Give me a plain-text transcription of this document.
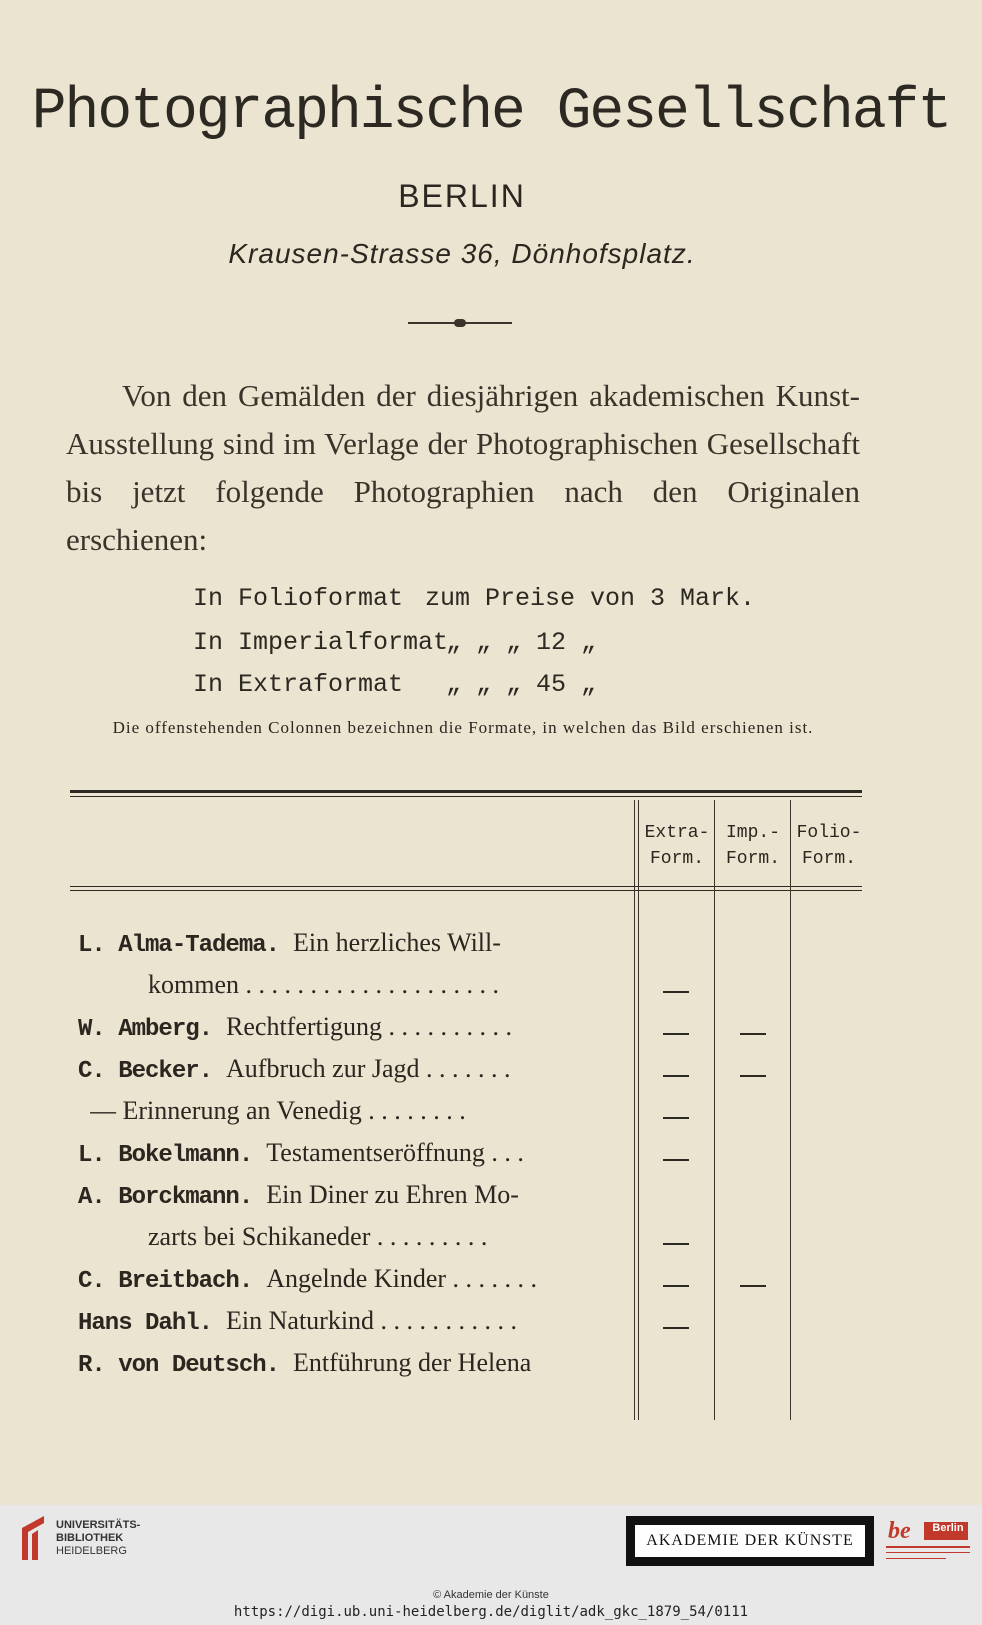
Photographische Gesellschaft
BERLIN
Krausen-Strasse 36, Dönhofsplatz.
Von den Gemälden der diesjährigen akademischen Kunst-Ausstellung sind im Verlage der Photographischen Gesellschaft bis jetzt folgende Photographien nach den Originalen erschienen:
In Folioformat zum Preise von 3 Mark.
In Imperialformat
„ „ „ 12 „
In Extraformat „ „ „ 45 „
Die offenstehenden Colonnen bezeichnen die Formate, in welchen das Bild erschienen ist.
Extra-
Form.
Imp.-
Form.
Folio-
Form.
L. Alma-Tadema. Ein herzliches Will-
kommen . . . . . . . . . . . . . . . . . . . .
W. Amberg. Rechtfertigung . . . . . . . . . .
C. Becker. Aufbruch zur Jagd . . . . . . .
— Erinnerung an Venedig . . . . . . . .
L. Bokelmann. Testamentseröffnung . . .
A. Borckmann. Ein Diner zu Ehren Mo-
zarts bei Schikaneder . . . . . . . . .
C. Breitbach. Angelnde Kinder . . . . . . .
Hans Dahl. Ein Naturkind . . . . . . . . . . .
R. von Deutsch. Entführung der Helena
UNIVERSITÄTS-
BIBLIOTHEK
HEIDELBERG
AKADEMIE DER KÜNSTE	be	Berlin
© Akademie der Künste
https://digi.ub.uni-heidelberg.de/diglit/adk_gkc_1879_54/0111
